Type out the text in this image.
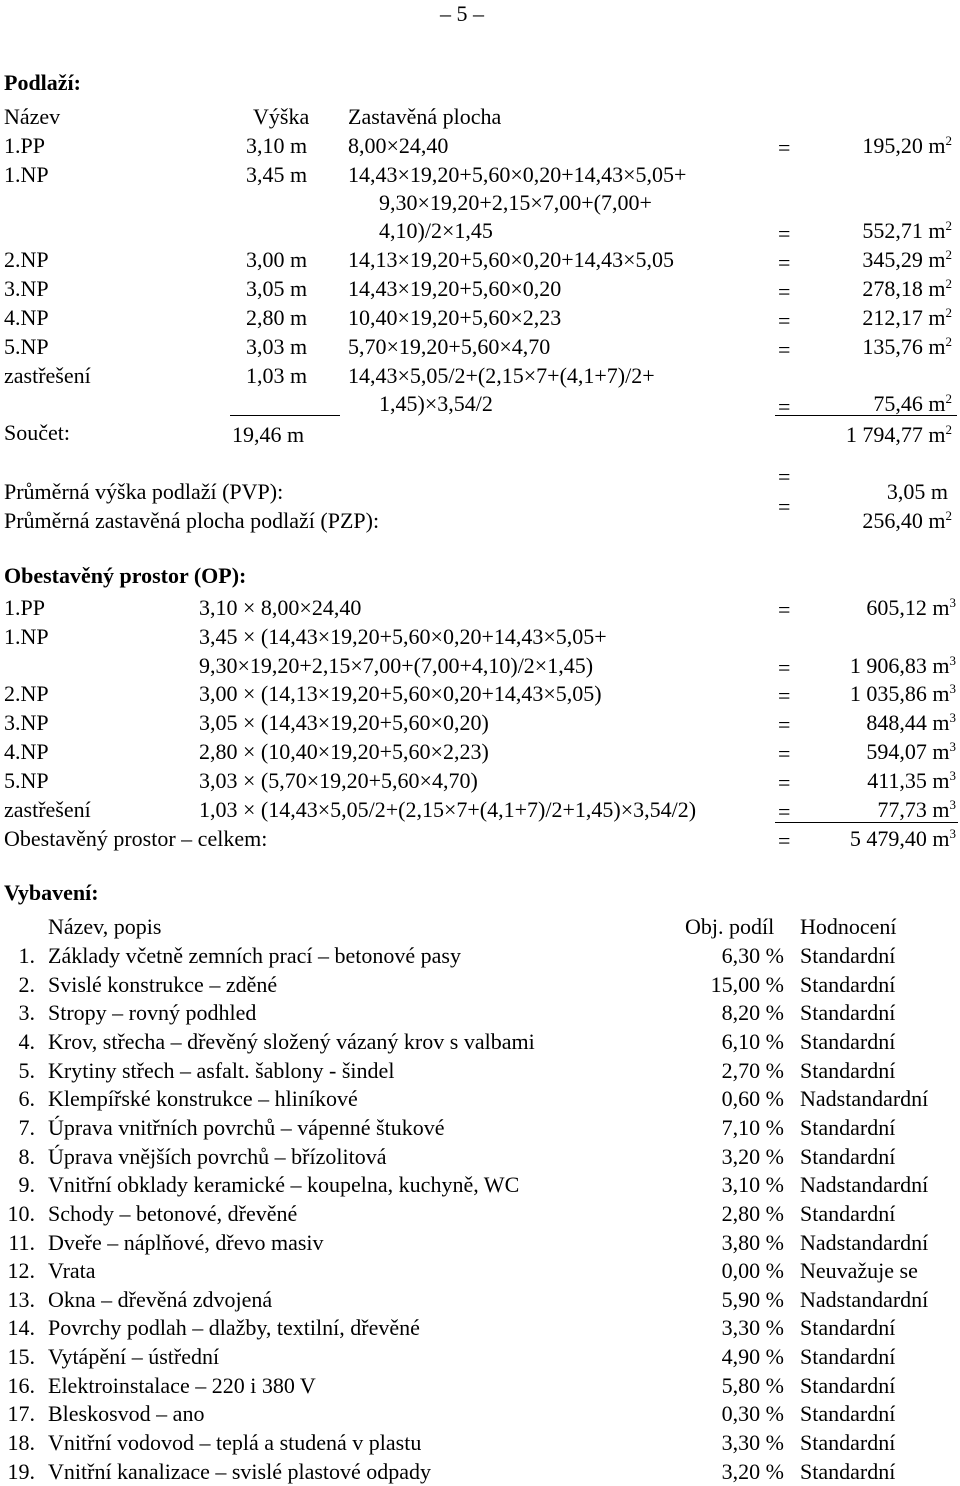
– 5 –
Podlaží:
Název	Výška Zastavěná plocha
1.PP	3,10 m 8,00×24,40	=	195,20 $m^2$
1.NP	3,45 m 14,43×19,20+5,60×0,20+14,43×5,05+
9,30×19,20+2,15×7,00+(7,00+
4,10)/2×1,45	=	552,71 $m^2$
2.NP	3,00 m 14,13×19,20+5,60×0,20+14,43×5,05	=	345,29 $m^2$
3.NP	3,05 m 14,43×19,20+5,60×0,20	=	278,18 $m^2$
4.NP	2,80 m 10,40×19,20+5,60×2,23	=	212,17 $m^2$
5.NP	3,03 m 5,70×19,20+5,60×4,70	=	135,76 $m^2$
zastřešení	1,03 m 14,43×5,05/2+(2,15×7+(4,1+7)/2+
1,45)×3,54/2	=	75,46 $m^2$
Součet:	19,46 m	1 794,77 $m^2$
=
Průměrná výška podlaží (PVP):	3,05 m
=
Průměrná zastavěná plocha podlaží (PZP):	256,40 $m^2$
Obestavěný prostor (OP):
1.PP	3,10 × 8,00×24,40	=	605,12 $m^3$
1.NP	3,45 × (14,43×19,20+5,60×0,20+14,43×5,05+
9,30×19,20+2,15×7,00+(7,00+4,10)/2×1,45)	=	1 906,83 $m^3$
2.NP	3,00 × (14,13×19,20+5,60×0,20+14,43×5,05)	=	1 035,86 $m^3$
3.NP	3,05 × (14,43×19,20+5,60×0,20)	=	848,44 $m^3$
4.NP	2,80 × (10,40×19,20+5,60×2,23)	=	594,07 $m^3$
5.NP	3,03 × (5,70×19,20+5,60×4,70)	=	411,35 $m^3$
zastřešení	1,03 × (14,43×5,05/2+(2,15×7+(4,1+7)/2+1,45)×3,54/2)	=	77,73 $m^3$
Obestavěný prostor – celkem:	=	5 479,40 $m^3$
Vybavení:
Název, popis	Obj. podíl Hodnocení
1. Základy včetně zemních prací – betonové pasy	6,30 % Standardní
2. Svislé konstrukce – zděné	15,00 % Standardní
3. Stropy – rovný podhled	8,20 % Standardní
4. Krov, střecha – dřevěný složený vázaný krov s valbami	6,10 % Standardní
5. Krytiny střech – asfalt. šablony - šindel	2,70 % Standardní
6. Klempířské konstrukce – hliníkové	0,60 % Nadstandardní
7. Úprava vnitřních povrchů – vápenné štukové	7,10 % Standardní
8. Úprava vnějších povrchů – břízolitová	3,20 % Standardní
9. Vnitřní obklady keramické – koupelna, kuchyně, WC	3,10 % Nadstandardní
10. Schody – betonové, dřevěné	2,80 % Standardní
11. Dveře – náplňové, dřevo masiv	3,80 % Nadstandardní
12. Vrata	0,00 % Neuvažuje se
13. Okna – dřevěná zdvojená	5,90 % Nadstandardní
14. Povrchy podlah – dlažby, textilní, dřevěné	3,30 % Standardní
15. Vytápění – ústřední	4,90 % Standardní
16. Elektroinstalace – 220 i 380 V	5,80 % Standardní
17. Bleskosvod – ano	0,30 % Standardní
18. Vnitřní vodovod – teplá a studená v plastu	3,30 % Standardní
19. Vnitřní kanalizace – svislé plastové odpady	3,20 % Standardní
